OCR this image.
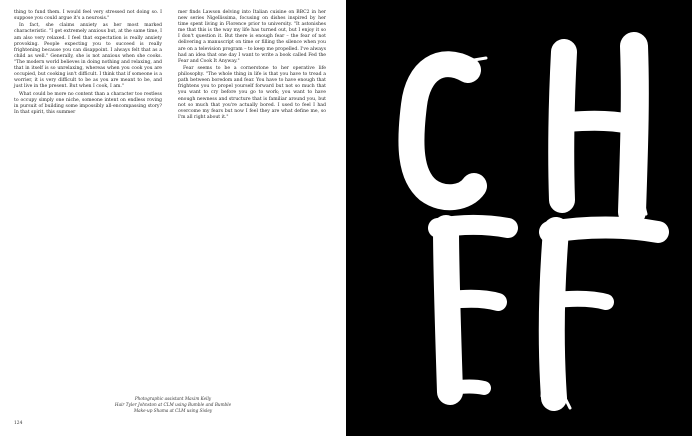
thing to fund them. I would feel very stressed not doing so. I suppose you could argue it's a neurosis."

In fact, she claims anxiety as her most marked characteristic. "I get extremely anxious but, at the same time, I am also very relaxed. I feel that expectation is really anxiety provoking. People expecting you to succeed is really frightening because you can disappoint. I always felt that as a child as well." Generally, she is not anxious when she cooks. "The modern world believes in doing nothing and relaxing, and that in itself is so unrelaxing, whereas when you cook you are occupied, but cooking isn't difficult. I think that if someone is a worrier, it is very difficult to be as you are meant to be, and just live in the present. But when I cook, I am."

What could be more no content than a character too restless to occupy simply one niche, someone intent on endless roving in pursuit of building some impossibly all-encompassing story? In that spirit, this summer

mer finds Lawson delving into Italian cuisine on BBC2 in her new series Nigellissima, focusing on dishes inspired by her time spent living in Florence prior to university. "It astonishes me that this is the way my life has turned out, but I enjoy it so I don't question it. But there is enough fear – the fear of not delivering a manuscript on time or filling the silence when you are on a television program – to keep me propelled. I've always had an idea that one day I want to write a book called Fed the Fear and Cook It Anyway."

Fear seems to be a cornerstone to her operative life philosophy. "The whole thing in life is that you have to tread a path between boredom and fear. You have to have enough that frightens you to propel yourself forward but not so much that you want to cry before you go to work; you want to have enough newness and structure that is familiar around you, but not so much that you're actually bored. I used to feel I had overcome my fears but now I feel they are what define me, so I'm all right about it."

Photographic assistant Maxim Kelly
Hair Tyler Johnston at CLM using Bumble and Bumble
Make-up Shama at CLM using Sisley
124
